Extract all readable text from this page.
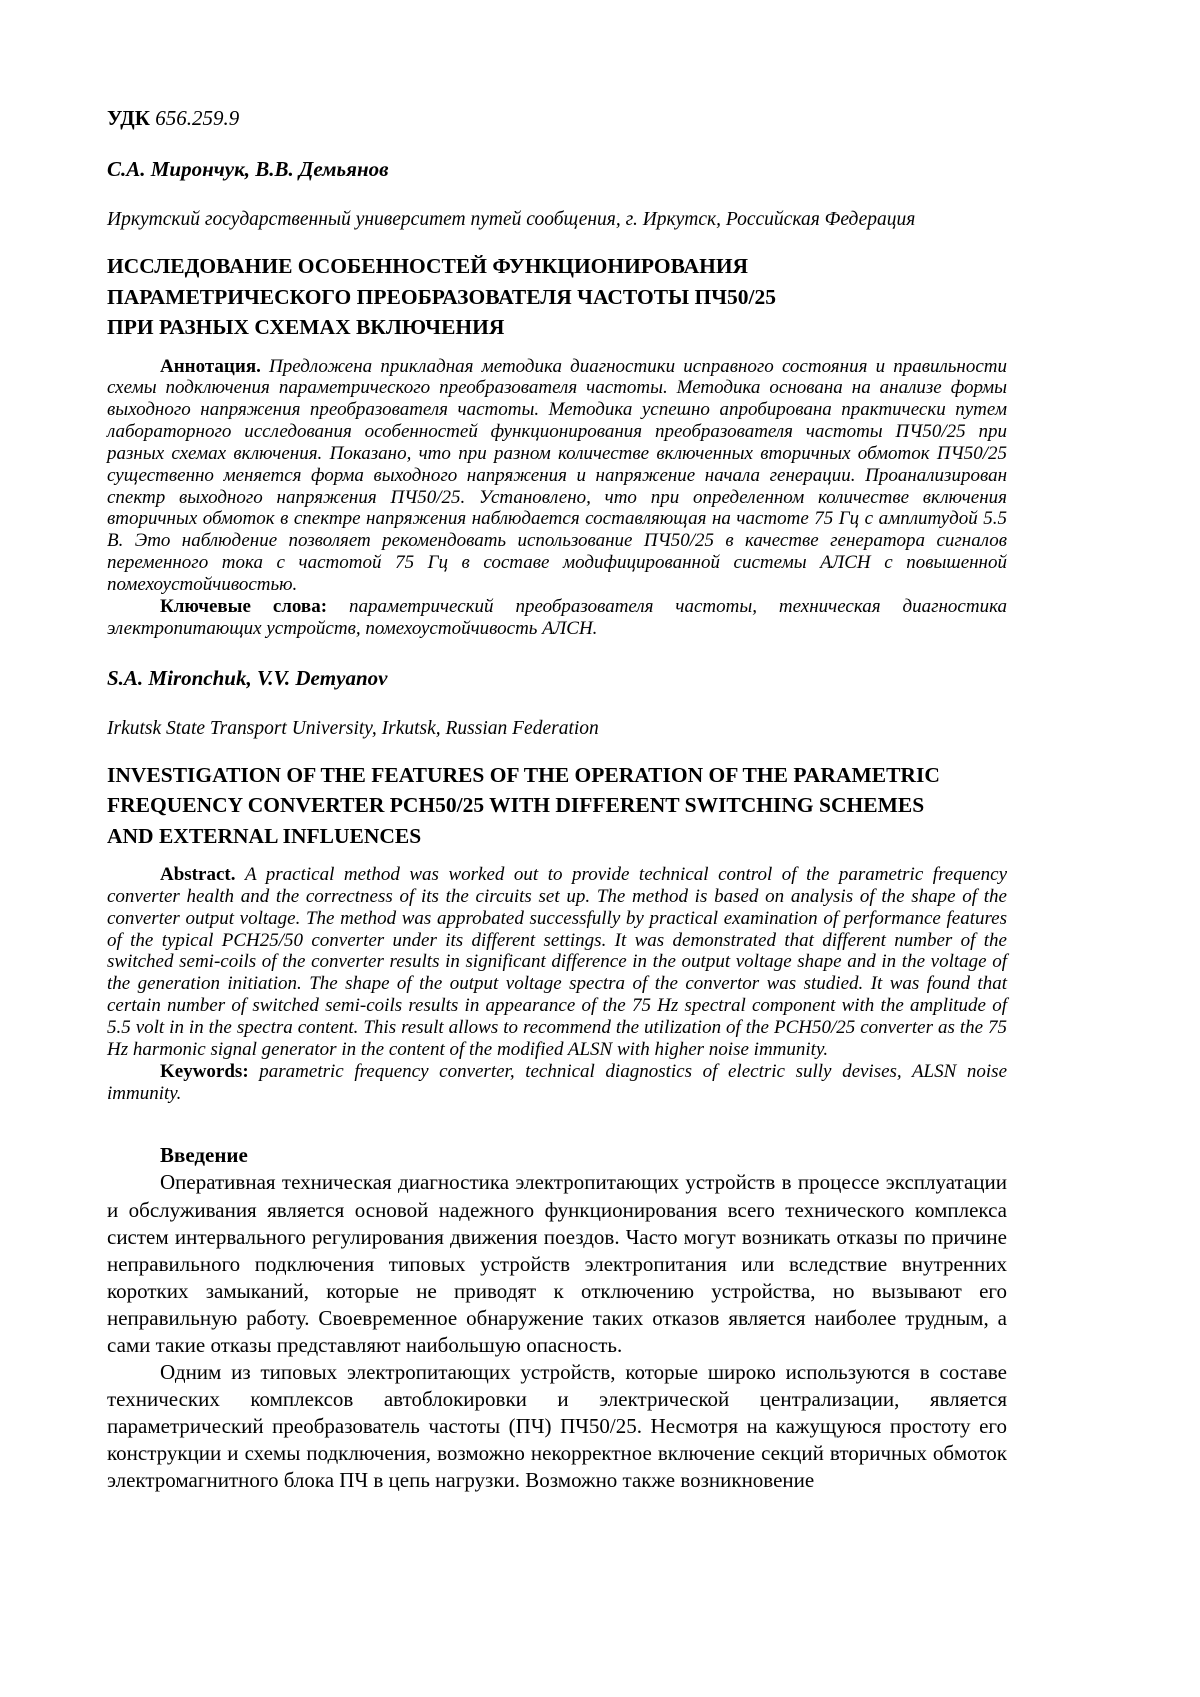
УДК 656.259.9

С.А. Мирончук, В.В. Демьянов

Иркутский государственный университет путей сообщения, г. Иркутск, Российская Федерация

ИССЛЕДОВАНИЕ ОСОБЕННОСТЕЙ ФУНКЦИОНИРОВАНИЯ
ПАРАМЕТРИЧЕСКОГО ПРЕОБРАЗОВАТЕЛЯ ЧАСТОТЫ ПЧ50/25
ПРИ РАЗНЫХ СХЕМАХ ВКЛЮЧЕНИЯ

Аннотация. Предложена прикладная методика диагностики исправного состояния и правильности схемы подключения параметрического преобразователя частоты. Методика основана на анализе формы выходного напряжения преобразователя частоты. Методика успешно апробирована практически путем лабораторного исследования особенностей функционирования преобразователя частоты ПЧ50/25 при разных схемах включения. Показано, что при разном количестве включенных вторичных обмоток ПЧ50/25 существенно меняется форма выходного напряжения и напряжение начала генерации. Проанализирован спектр выходного напряжения ПЧ50/25. Установлено, что при определенном количестве включения вторичных обмоток в спектре напряжения наблюдается составляющая на частоте 75 Гц с амплитудой 5.5 В. Это наблюдение позволяет рекомендовать использование ПЧ50/25 в качестве генератора сигналов переменного тока с частотой 75 Гц в составе модифицированной системы АЛСН с повышенной помехоустойчивостью.

Ключевые слова: параметрический преобразователя частоты, техническая диагностика электропитающих устройств, помехоустойчивость АЛСН.

S.A. Mironchuk, V.V. Demyanov

Irkutsk State Transport University, Irkutsk, Russian Federation

INVESTIGATION OF THE FEATURES OF THE OPERATION OF THE PARAMETRIC
FREQUENCY CONVERTER PCH50/25 WITH DIFFERENT SWITCHING SCHEMES
AND EXTERNAL INFLUENCES

Abstract. A practical method was worked out to provide technical control of the parametric frequency converter health and the correctness of its the circuits set up. The method is based on analysis of the shape of the converter output voltage. The method was approbated successfully by practical examination of performance features of the typical PCH25/50 converter under its different settings. It was demonstrated that different number of the switched semi-coils of the converter results in significant difference in the output voltage shape and in the voltage of the generation initiation. The shape of the output voltage spectra of the convertor was studied. It was found that certain number of switched semi-coils results in appearance of the 75 Hz spectral component with the amplitude of 5.5 volt in in the spectra content. This result allows to recommend the utilization of the PCH50/25 converter as the 75 Hz harmonic signal generator in the content of the modified ALSN with higher noise immunity.

Keywords: parametric frequency converter, technical diagnostics of electric sully devises, ALSN noise immunity.

Введение

Оперативная техническая диагностика электропитающих устройств в процессе эксплуатации и обслуживания является основой надежного функционирования всего технического комплекса систем интервального регулирования движения поездов. Часто могут возникать отказы по причине неправильного подключения типовых устройств электропитания или вследствие внутренних коротких замыканий, которые не приводят к отключению устройства, но вызывают его неправильную работу. Своевременное обнаружение таких отказов является наиболее трудным, а сами такие отказы представляют наибольшую опасность.

Одним из типовых электропитающих устройств, которые широко используются в составе технических комплексов автоблокировки и электрической централизации, является параметрический преобразователь частоты (ПЧ) ПЧ50/25. Несмотря на кажущуюся простоту его конструкции и схемы подключения, возможно некорректное включение секций вторичных обмоток электромагнитного блока ПЧ в цепь нагрузки. Возможно также возникновение
